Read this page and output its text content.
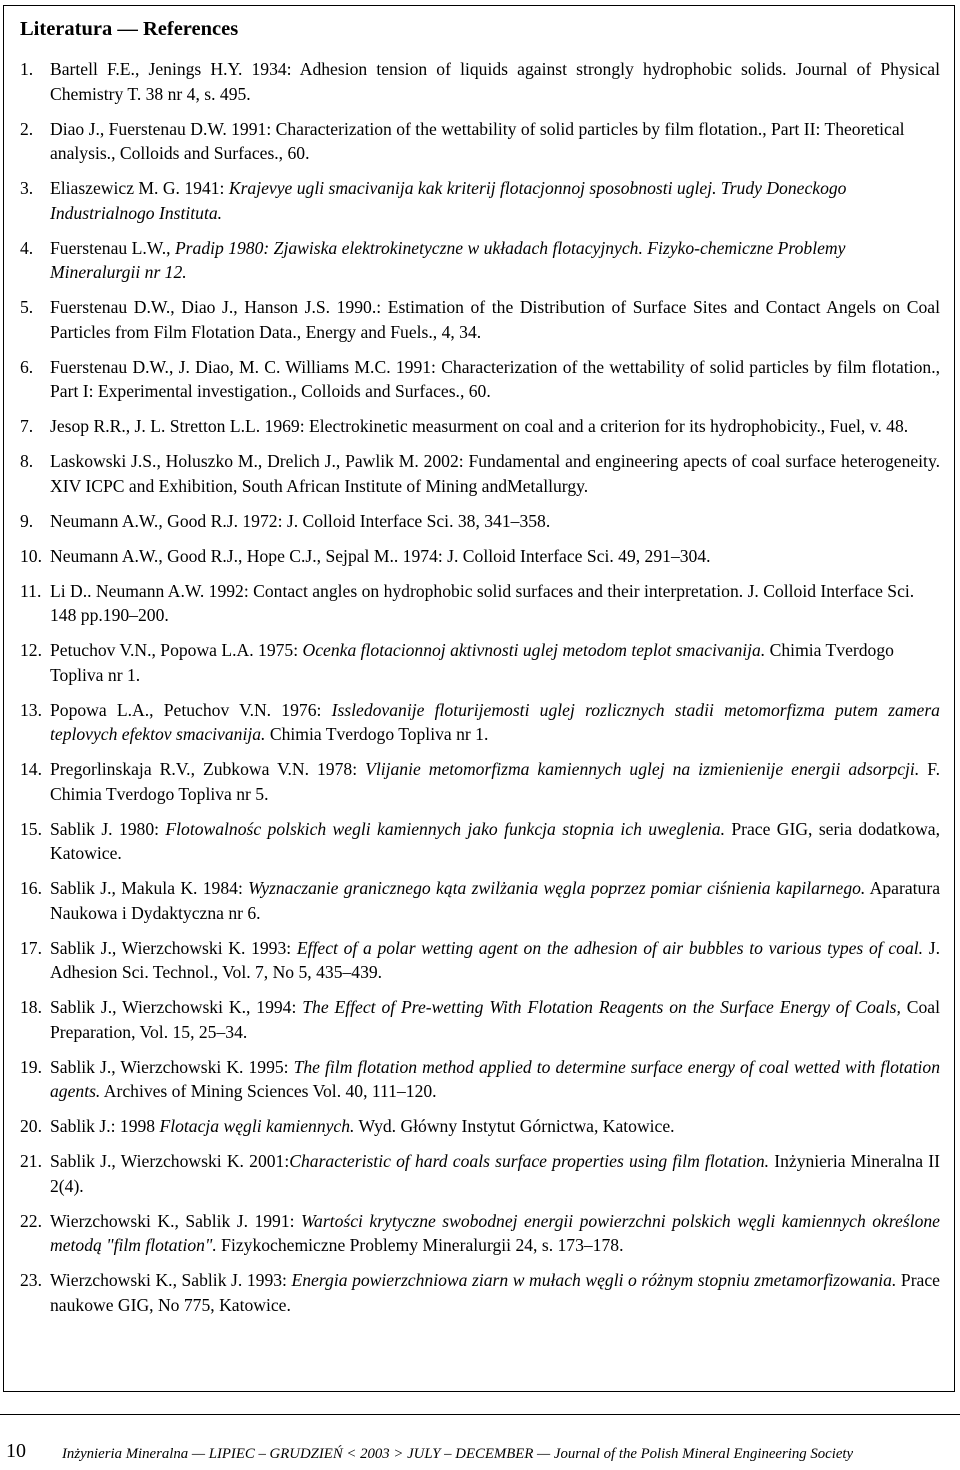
Literatura — References
1. Bartell F.E., Jenings H.Y. 1934: Adhesion tension of liquids against strongly hydrophobic solids. Journal of Physical Chemistry T. 38 nr 4, s. 495.
2. Diao J., Fuerstenau D.W. 1991: Characterization of the wettability of solid particles by film flotation., Part II: Theoretical analysis., Colloids and Surfaces., 60.
3. Eliaszewicz M. G. 1941: Krajevye ugli smacivanija kak kriterij flotacjonnoj sposobnosti uglej. Trudy Doneckogo Industrialnogo Instituta.
4. Fuerstenau L.W., Pradip 1980: Zjawiska elektrokinetyczne w układach flotacyjnych. Fizyko-chemiczne Problemy Mineralurgii nr 12.
5. Fuerstenau D.W., Diao J., Hanson J.S. 1990.: Estimation of the Distribution of Surface Sites and Contact Angels on Coal Particles from Film Flotation Data., Energy and Fuels., 4, 34.
6. Fuerstenau D.W., J. Diao, M. C. Williams M.C. 1991: Characterization of the wettability of solid particles by film flotation., Part I: Experimental investigation., Colloids and Surfaces., 60.
7. Jesop R.R., J. L. Stretton L.L. 1969: Electrokinetic measurment on coal and a criterion for its hydrophobicity., Fuel, v. 48.
8. Laskowski J.S., Holuszko M., Drelich J., Pawlik M. 2002: Fundamental and engineering apects of coal surface heterogeneity. XIV ICPC and Exhibition, South African Institute of Mining andMetallurgy.
9. Neumann A.W., Good R.J. 1972: J. Colloid Interface Sci. 38, 341–358.
10. Neumann A.W., Good R.J., Hope C.J., Sejpal M.. 1974: J. Colloid Interface Sci. 49, 291–304.
11. Li D.. Neumann A.W. 1992: Contact angles on hydrophobic solid surfaces and their interpretation. J. Colloid Interface Sci. 148 pp.190–200.
12. Petuchov V.N., Popowa L.A. 1975: Ocenka flotacionnoj aktivnosti uglej metodom teplot smacivanija. Chimia Tverdogo Topliva nr 1.
13. Popowa L.A., Petuchov V.N. 1976: Issledovanije floturijemosti uglej rozlicznych stadii metomorfizma putem zamera teplovych efektov smacivanija. Chimia Tverdogo Topliva nr 1.
14. Pregorlinskaja R.V., Zubkowa V.N. 1978: Vlijanie metomorfizma kamiennych uglej na izmienienije energii adsorpcji. F. Chimia Tverdogo Topliva nr 5.
15. Sablik J. 1980: Flotowalnośc polskich wegli kamiennych jako funkcja stopnia ich uweglenia. Prace GIG, seria dodatkowa, Katowice.
16. Sablik J., Makula K. 1984: Wyznaczanie granicznego kąta zwilżania węgla poprzez pomiar ciśnienia kapilarnego. Aparatura Naukowa i Dydaktyczna nr 6.
17. Sablik J., Wierzchowski K. 1993: Effect of a polar wetting agent on the adhesion of air bubbles to various types of coal. J. Adhesion Sci. Technol., Vol. 7, No 5, 435–439.
18. Sablik J., Wierzchowski K., 1994: The Effect of Pre-wetting With Flotation Reagents on the Surface Energy of Coals, Coal Preparation, Vol. 15, 25–34.
19. Sablik J., Wierzchowski K. 1995: The film flotation method applied to determine surface energy of coal wetted with flotation agents. Archives of Mining Sciences Vol. 40, 111–120.
20. Sablik J.: 1998 Flotacja węgli kamiennych. Wyd. Główny Instytut Górnictwa, Katowice.
21. Sablik J., Wierzchowski K. 2001:Characteristic of hard coals surface properties using film flotation. Inżynieria Mineralna II 2(4).
22. Wierzchowski K., Sablik J. 1991: Wartości krytyczne swobodnej energii powierzchni polskich węgli kamiennych określone metodą "film flotation". Fizykochemiczne Problemy Mineralurgii 24, s. 173–178.
23. Wierzchowski K., Sablik J. 1993: Energia powierzchniowa ziarn w mułach węgli o różnym stopniu zmetamorfizowania. Prace naukowe GIG, No 775, Katowice.
10 Inżynieria Mineralna — LIPIEC – GRUDZIEŃ < 2003 > JULY – DECEMBER — Journal of the Polish Mineral Engineering Society
